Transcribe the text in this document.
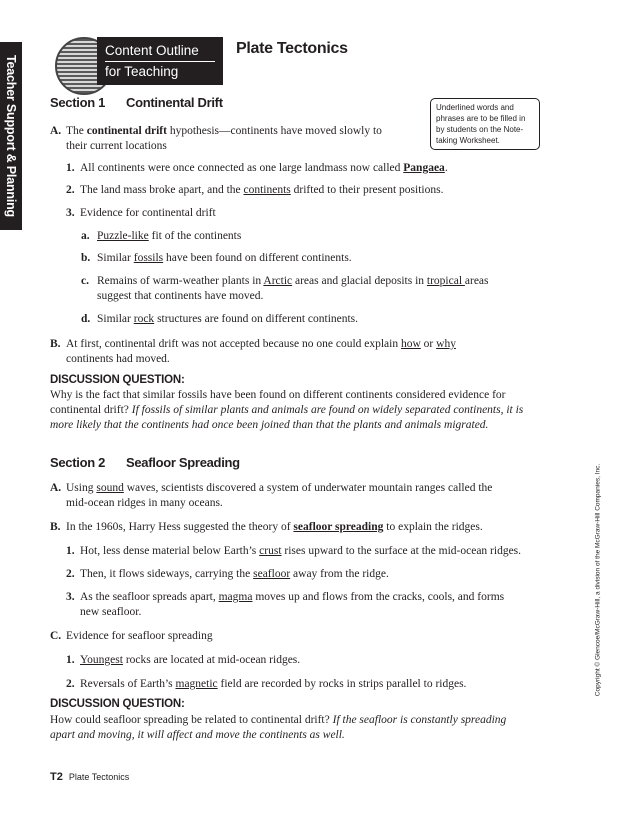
Teacher Support & Planning
Content Outline
for Teaching
Plate Tectonics
Underlined words and phrases are to be filled in by students on the Note-taking Worksheet.
Section 1 Continental Drift
A. The continental drift hypothesis—continents have moved slowly to
their current locations
1. All continents were once connected as one large landmass now called Pangaea.
2. The land mass broke apart, and the continents drifted to their present positions.
3. Evidence for continental drift
a. Puzzle-like fit of the continents
b. Similar fossils have been found on different continents.
c. Remains of warm-weather plants in Arctic areas and glacial deposits in tropical areas
suggest that continents have moved.
d. Similar rock structures are found on different continents.
B. At first, continental drift was not accepted because no one could explain how or why
continents had moved.
DISCUSSION QUESTION:
Why is the fact that similar fossils have been found on different continents considered evidence for
continental drift? If fossils of similar plants and animals are found on widely separated continents, it is
more likely that the continents had once been joined than that the plants and animals migrated.
Section 2 Seafloor Spreading
A. Using sound waves, scientists discovered a system of underwater mountain ranges called the
mid-ocean ridges in many oceans.
B. In the 1960s, Harry Hess suggested the theory of seafloor spreading to explain the ridges.
1. Hot, less dense material below Earth’s crust rises upward to the surface at the mid-ocean ridges.
2. Then, it flows sideways, carrying the seafloor away from the ridge.
3. As the seafloor spreads apart, magma moves up and flows from the cracks, cools, and forms
new seafloor.
C. Evidence for seafloor spreading
1. Youngest rocks are located at mid-ocean ridges.
2. Reversals of Earth’s magnetic field are recorded by rocks in strips parallel to ridges.
DISCUSSION QUESTION:
How could seafloor spreading be related to continental drift? If the seafloor is constantly spreading
apart and moving, it will affect and move the continents as well.
Copyright © Glencoe/McGraw-Hill, a division of the McGraw-Hill Companies, Inc.
T2 Plate Tectonics
